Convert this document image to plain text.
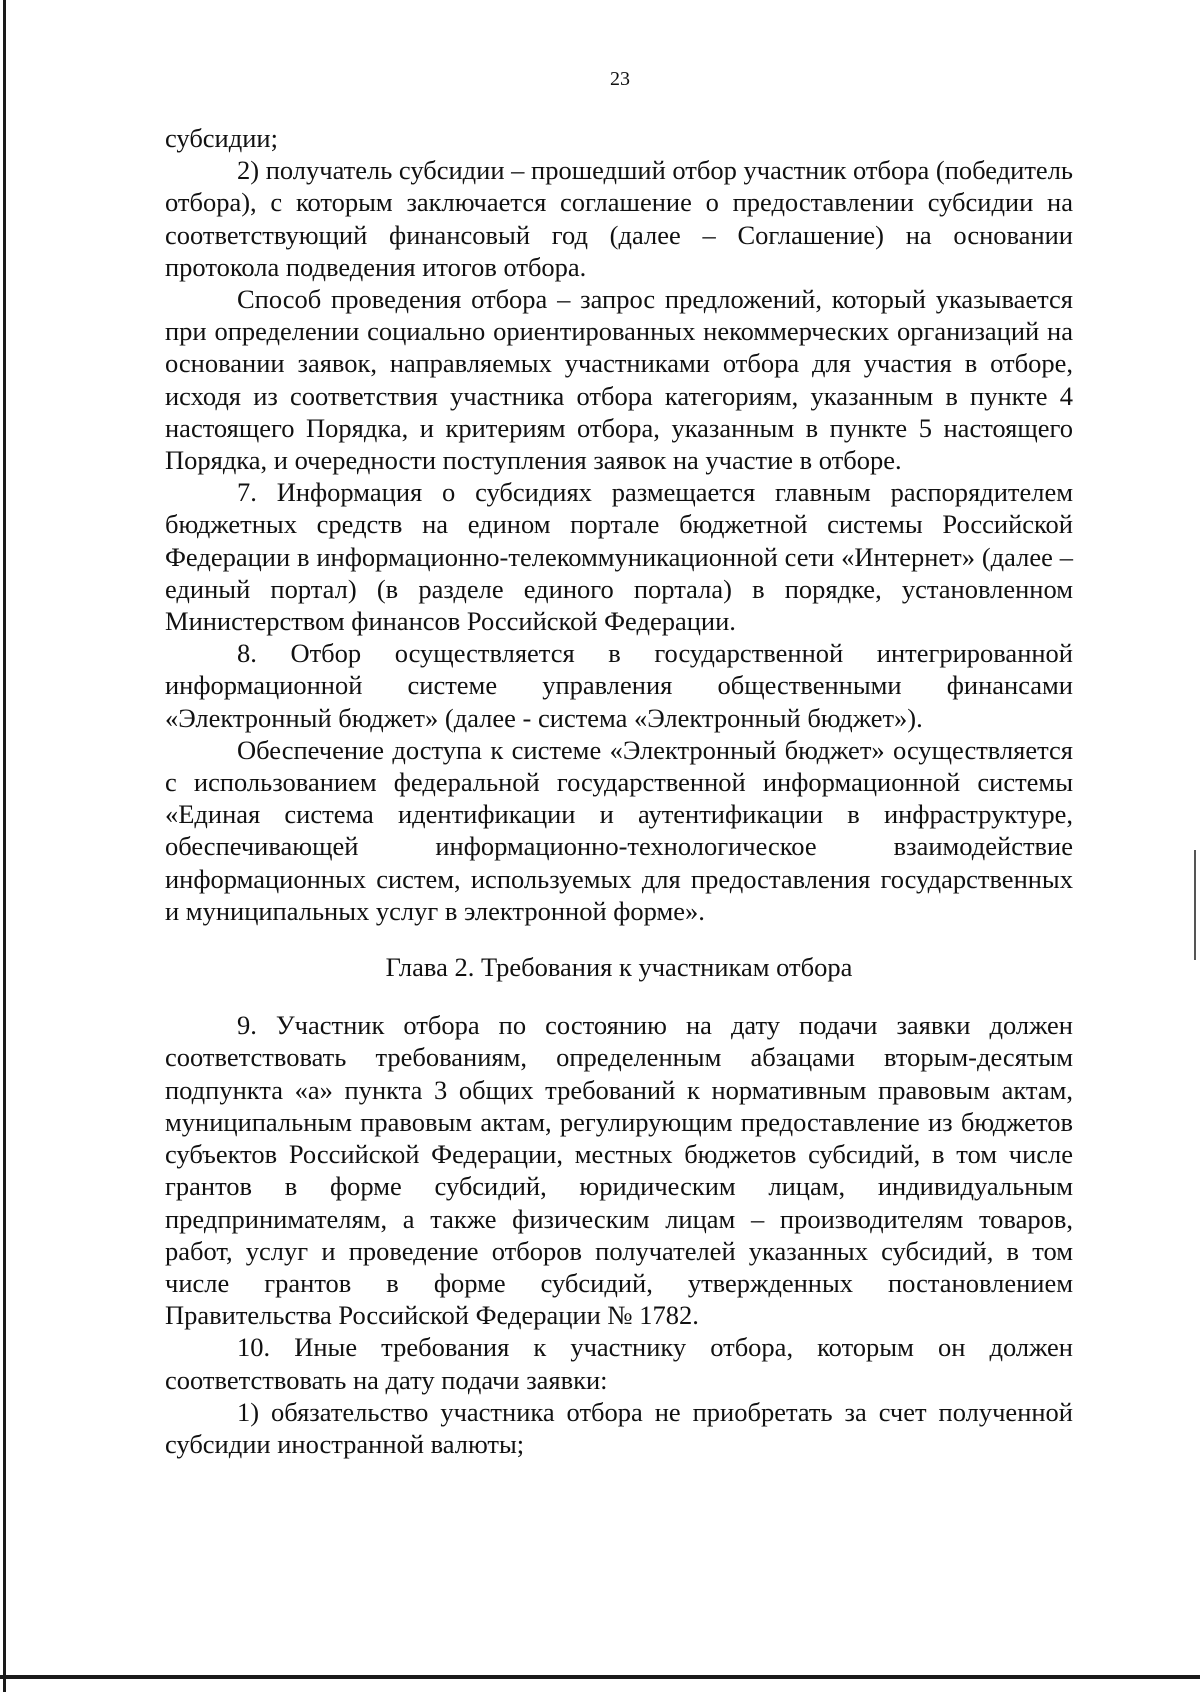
23

субсидии;

2) получатель субсидии – прошедший отбор участник отбора (победитель отбора), с которым заключается соглашение о предоставлении субсидии на соответствующий финансовый год (далее – Соглашение) на основании протокола подведения итогов отбора.

Способ проведения отбора – запрос предложений, который указывается при определении социально ориентированных некоммерческих организаций на основании заявок, направляемых участниками отбора для участия в отборе, исходя из соответствия участника отбора категориям, указанным в пункте 4 настоящего Порядка, и критериям отбора, указанным в пункте 5 настоящего Порядка, и очередности поступления заявок на участие в отборе.

7. Информация о субсидиях размещается главным распорядителем бюджетных средств на едином портале бюджетной системы Российской Федерации в информационно-телекоммуникационной сети «Интернет» (далее – единый портал) (в разделе единого портала) в порядке, установленном Министерством финансов Российской Федерации.

8. Отбор осуществляется в государственной интегрированной информационной системе управления общественными финансами «Электронный бюджет» (далее - система «Электронный бюджет»).

Обеспечение доступа к системе «Электронный бюджет» осуществляется с использованием федеральной государственной информационной системы «Единая система идентификации и аутентификации в инфраструктуре, обеспечивающей информационно-технологическое взаимодействие информационных систем, используемых для предоставления государственных и муниципальных услуг в электронной форме».

Глава 2. Требования к участникам отбора

9. Участник отбора по состоянию на дату подачи заявки должен соответствовать требованиям, определенным абзацами вторым-десятым подпункта «а» пункта 3 общих требований к нормативным правовым актам, муниципальным правовым актам, регулирующим предоставление из бюджетов субъектов Российской Федерации, местных бюджетов субсидий, в том числе грантов в форме субсидий, юридическим лицам, индивидуальным предпринимателям, а также физическим лицам – производителям товаров, работ, услуг и проведение отборов получателей указанных субсидий, в том числе грантов в форме субсидий, утвержденных постановлением Правительства Российской Федерации № 1782.

10. Иные требования к участнику отбора, которым он должен соответствовать на дату подачи заявки:

1) обязательство участника отбора не приобретать за счет полученной субсидии иностранной валюты;
